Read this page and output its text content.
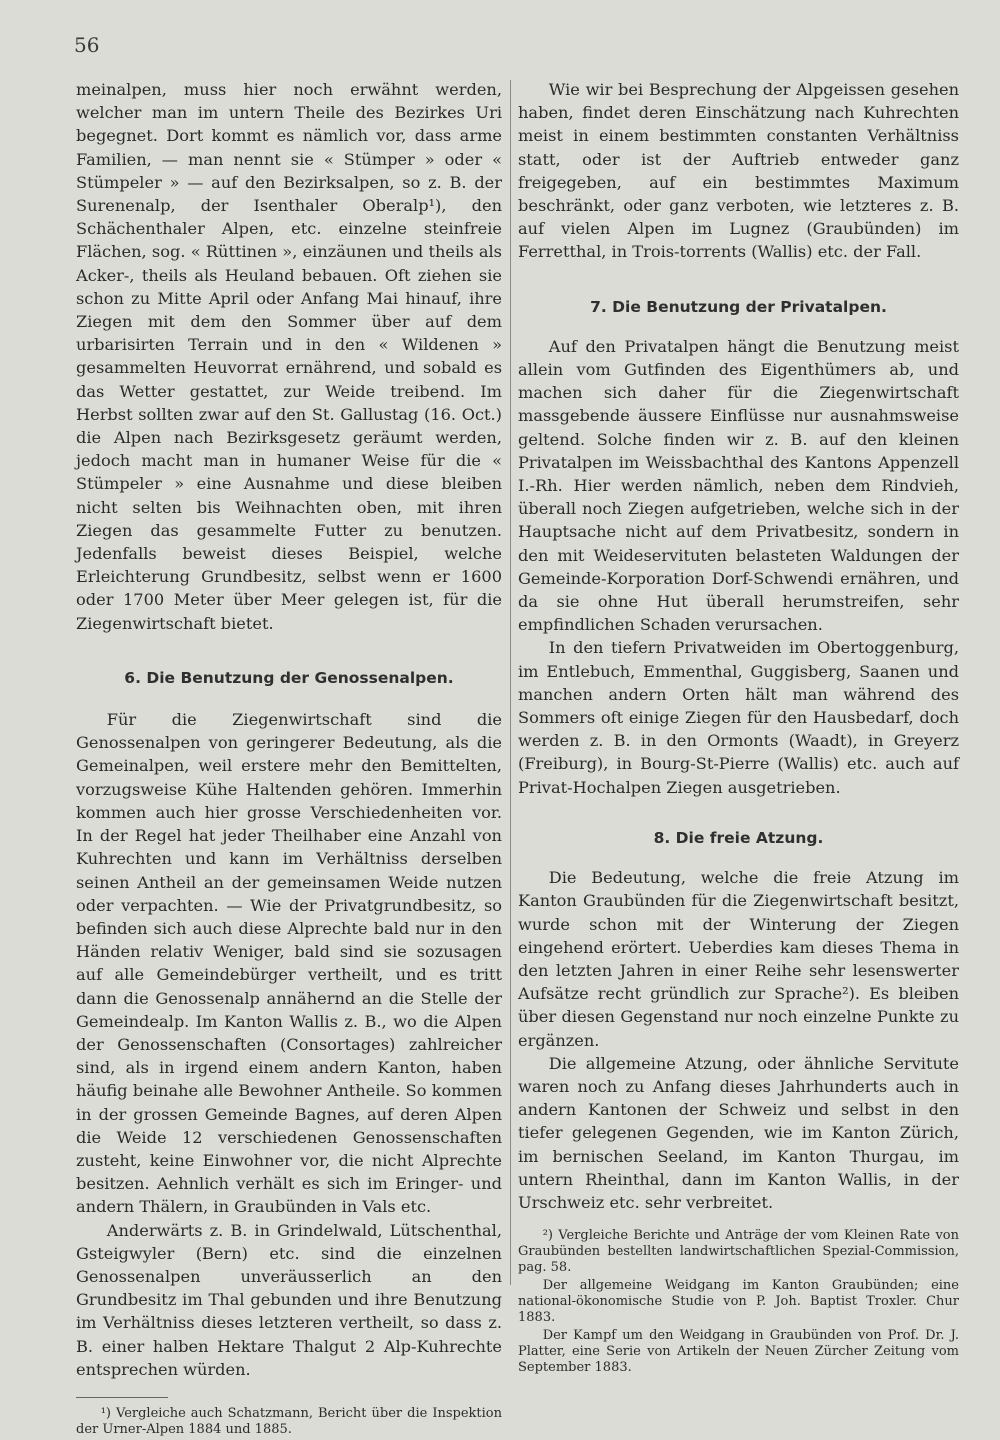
56

meinalpen, muss hier noch erwähnt werden, welcher man im untern Theile des Bezirkes Uri begegnet. Dort kommt es nämlich vor, dass arme Familien, — man nennt sie « Stümper » oder « Stümpeler » — auf den Bezirksalpen, so z. B. der Surenenalp, der Isenthaler Oberalp¹), den Schächenthaler Alpen, etc. einzelne steinfreie Flächen, sog. « Rüttinen », einzäunen und theils als Acker-, theils als Heuland bebauen. Oft ziehen sie schon zu Mitte April oder Anfang Mai hinauf, ihre Ziegen mit dem den Sommer über auf dem urbarisirten Terrain und in den « Wildenen » gesammelten Heuvorrat ernährend, und sobald es das Wetter gestattet, zur Weide treibend. Im Herbst sollten zwar auf den St. Gallustag (16. Oct.) die Alpen nach Bezirksgesetz geräumt werden, jedoch macht man in humaner Weise für die « Stümpeler » eine Ausnahme und diese bleiben nicht selten bis Weihnachten oben, mit ihren Ziegen das gesammelte Futter zu benutzen. Jedenfalls beweist dieses Beispiel, welche Erleichterung Grundbesitz, selbst wenn er 1600 oder 1700 Meter über Meer gelegen ist, für die Ziegenwirtschaft bietet.

6. Die Benutzung der Genossenalpen.

Für die Ziegenwirtschaft sind die Genossenalpen von geringerer Bedeutung, als die Gemeinalpen, weil erstere mehr den Bemittelten, vorzugsweise Kühe Haltenden gehören. Immerhin kommen auch hier grosse Verschiedenheiten vor. In der Regel hat jeder Theilhaber eine Anzahl von Kuhrechten und kann im Verhältniss derselben seinen Antheil an der gemeinsamen Weide nutzen oder verpachten. — Wie der Privatgrundbesitz, so befinden sich auch diese Alprechte bald nur in den Händen relativ Weniger, bald sind sie sozusagen auf alle Gemeindebürger vertheilt, und es tritt dann die Genossenalp annähernd an die Stelle der Gemeindealp. Im Kanton Wallis z. B., wo die Alpen der Genossenschaften (Consortages) zahlreicher sind, als in irgend einem andern Kanton, haben häufig beinahe alle Bewohner Antheile. So kommen in der grossen Gemeinde Bagnes, auf deren Alpen die Weide 12 verschiedenen Genossenschaften zusteht, keine Einwohner vor, die nicht Alprechte besitzen. Aehnlich verhält es sich im Eringer- und andern Thälern, in Graubünden in Vals etc.

Anderwärts z. B. in Grindelwald, Lütschenthal, Gsteigwyler (Bern) etc. sind die einzelnen Genossenalpen unveräusserlich an den Grundbesitz im Thal gebunden und ihre Benutzung im Verhältniss dieses letzteren vertheilt, so dass z. B. einer halben Hektare Thalgut 2 Alp-Kuhrechte entsprechen würden.

¹) Vergleiche auch Schatzmann, Bericht über die Inspektion der Urner-Alpen 1884 und 1885.

Wie wir bei Besprechung der Alpgeissen gesehen haben, findet deren Einschätzung nach Kuhrechten meist in einem bestimmten constanten Verhältniss statt, oder ist der Auftrieb entweder ganz freigegeben, auf ein bestimmtes Maximum beschränkt, oder ganz verboten, wie letzteres z. B. auf vielen Alpen im Lugnez (Graubünden) im Ferretthal, in Trois-torrents (Wallis) etc. der Fall.

7. Die Benutzung der Privatalpen.

Auf den Privatalpen hängt die Benutzung meist allein vom Gutfinden des Eigenthümers ab, und machen sich daher für die Ziegenwirtschaft massgebende äussere Einflüsse nur ausnahmsweise geltend. Solche finden wir z. B. auf den kleinen Privatalpen im Weissbachthal des Kantons Appenzell I.-Rh. Hier werden nämlich, neben dem Rindvieh, überall noch Ziegen aufgetrieben, welche sich in der Hauptsache nicht auf dem Privatbesitz, sondern in den mit Weideservituten belasteten Waldungen der Gemeinde-Korporation Dorf-Schwendi ernähren, und da sie ohne Hut überall herumstreifen, sehr empfindlichen Schaden verursachen.

In den tiefern Privatweiden im Obertoggenburg, im Entlebuch, Emmenthal, Guggisberg, Saanen und manchen andern Orten hält man während des Sommers oft einige Ziegen für den Hausbedarf, doch werden z. B. in den Ormonts (Waadt), in Greyerz (Freiburg), in Bourg-St-Pierre (Wallis) etc. auch auf Privat-Hochalpen Ziegen ausgetrieben.

8. Die freie Atzung.

Die Bedeutung, welche die freie Atzung im Kanton Graubünden für die Ziegenwirtschaft besitzt, wurde schon mit der Winterung der Ziegen eingehend erörtert. Ueberdies kam dieses Thema in den letzten Jahren in einer Reihe sehr lesenswerter Aufsätze recht gründlich zur Sprache²). Es bleiben über diesen Gegenstand nur noch einzelne Punkte zu ergänzen.

Die allgemeine Atzung, oder ähnliche Servitute waren noch zu Anfang dieses Jahrhunderts auch in andern Kantonen der Schweiz und selbst in den tiefer gelegenen Gegenden, wie im Kanton Zürich, im bernischen Seeland, im Kanton Thurgau, im untern Rheinthal, dann im Kanton Wallis, in der Urschweiz etc. sehr verbreitet.

²) Vergleiche Berichte und Anträge der vom Kleinen Rate von Graubünden bestellten landwirtschaftlichen Spezial-Commission, pag. 58.

Der allgemeine Weidgang im Kanton Graubünden; eine national-ökonomische Studie von P. Joh. Baptist Troxler. Chur 1883.

Der Kampf um den Weidgang in Graubünden von Prof. Dr. J. Platter, eine Serie von Artikeln der Neuen Zürcher Zeitung vom September 1883.
